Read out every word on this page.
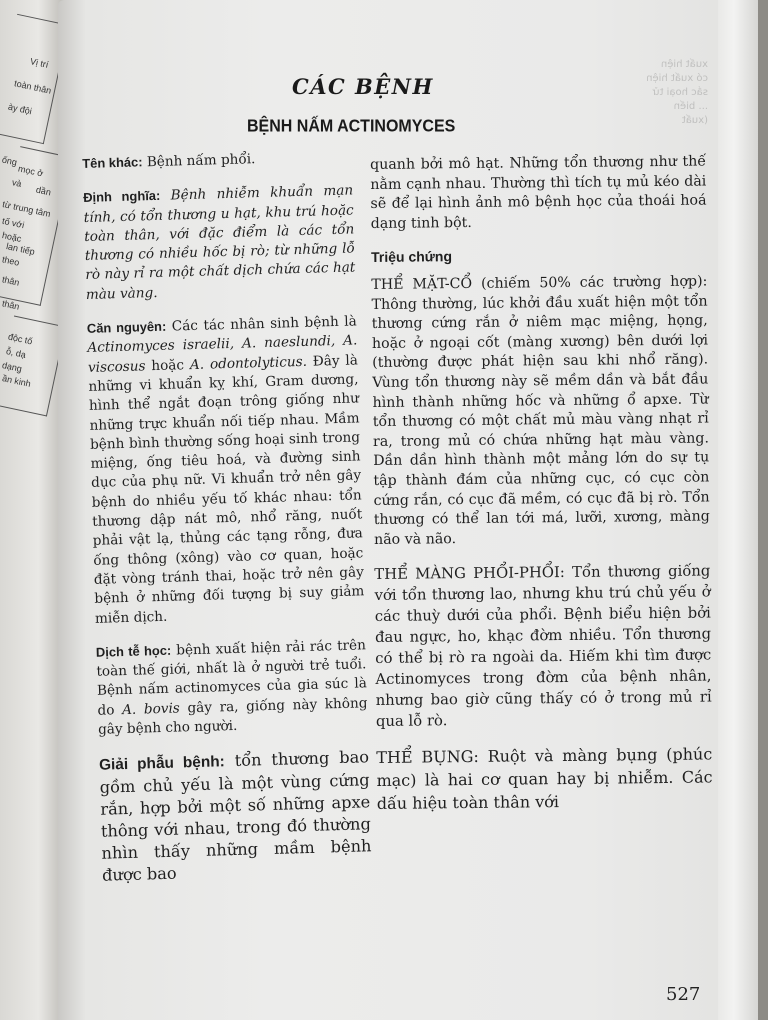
Vị trí
toàn thân
ày đội
ống
mọc ở
và
dần
từ trung tâm
tố với
hoặc
lan tiếp
theo
thân
thân
độc tố
ỗ, dạ
dạng
ần kinh
xuất hiện
có xuất hiện
sắc hoại tử
... biến
(xuất
CÁC BỆNH
BỆNH NẤM ACTINOMYCES

Tên khác: Bệnh nấm phổi.

Định nghĩa: Bệnh nhiễm khuẩn mạn tính, có tổn thương u hạt, khu trú hoặc toàn thân, với đặc điểm là các tổn thương có nhiều hốc bị rò; từ những lỗ rò này rỉ ra một chất dịch chứa các hạt màu vàng.

Căn nguyên: Các tác nhân sinh bệnh là Actinomyces israelii, A. naeslundi, A. viscosus hoặc A. odontolyticus. Đây là những vi khuẩn kỵ khí, Gram dương, hình thể ngắt đoạn trông giống như những trực khuẩn nối tiếp nhau. Mầm bệnh bình thường sống hoại sinh trong miệng, ống tiêu hoá, và đường sinh dục của phụ nữ. Vi khuẩn trở nên gây bệnh do nhiều yếu tố khác nhau: tổn thương dập nát mô, nhổ răng, nuốt phải vật lạ, thủng các tạng rỗng, đưa ống thông (xông) vào cơ quan, hoặc đặt vòng tránh thai, hoặc trở nên gây bệnh ở những đối tượng bị suy giảm miễn dịch.

Dịch tễ học: bệnh xuất hiện rải rác trên toàn thế giới, nhất là ở người trẻ tuổi. Bệnh nấm actinomyces của gia súc là do A. bovis gây ra, giống này không gây bệnh cho người.

Giải phẫu bệnh: tổn thương bao gồm chủ yếu là một vùng cứng rắn, hợp bởi một số những apxe thông với nhau, trong đó thường nhìn thấy những mầm bệnh được bao

quanh bởi mô hạt. Những tổn thương như thế nằm cạnh nhau. Thường thì tích tụ mủ kéo dài sẽ để lại hình ảnh mô bệnh học của thoái hoá dạng tinh bột.

Triệu chứng

THỂ MẶT-CỔ (chiếm 50% các trường hợp): Thông thường, lúc khởi đầu xuất hiện một tổn thương cứng rắn ở niêm mạc miệng, họng, hoặc ở ngoại cốt (màng xương) bên dưới lợi (thường được phát hiện sau khi nhổ răng). Vùng tổn thương này sẽ mềm dần và bắt đầu hình thành những hốc và những ổ apxe. Từ tổn thương có một chất mủ màu vàng nhạt rỉ ra, trong mủ có chứa những hạt màu vàng. Dần dần hình thành một mảng lớn do sự tụ tập thành đám của những cục, có cục còn cứng rắn, có cục đã mềm, có cục đã bị rò. Tổn thương có thể lan tới má, lưỡi, xương, màng não và não.

THỂ MÀNG PHỔI-PHỔI: Tổn thương giống với tổn thương lao, nhưng khu trú chủ yếu ở các thuỳ dưới của phổi. Bệnh biểu hiện bởi đau ngực, ho, khạc đờm nhiều. Tổn thương có thể bị rò ra ngoài da. Hiếm khi tìm được Actinomyces trong đờm của bệnh nhân, nhưng bao giờ cũng thấy có ở trong mủ rỉ qua lỗ rò.

THỂ BỤNG: Ruột và màng bụng (phúc mạc) là hai cơ quan hay bị nhiễm. Các dấu hiệu toàn thân với

527
